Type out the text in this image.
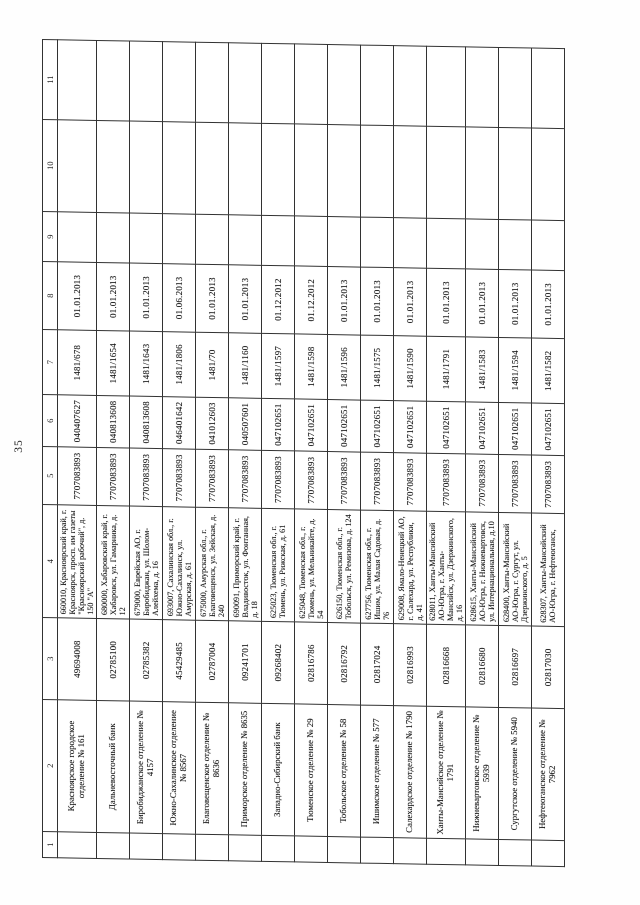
35
1	2	3	4	5	6	7	8	9	10	11
	Красноярское городское отделение № 161	49694008	660010, Красноярский край, г. Красноярск, просп. им газеты "Красноярский рабочий", д. 150 "А"	7707083893	040407627	1481/678	01.01.2013			
	Дальневосточный банк	02785100	680000, Хабаровский край, г. Хабаровск, ул. Гамарника, д. 12	7707083893	040813608	1481/1654	01.01.2013			
	Биробиджанское отделение № 4157	02785382	679000, Еврейская АО, г. Биробиджан, ул. Шолом-Алейхема, д. 16	7707083893	040813608	1481/1643	01.01.2013			
	Южно-Сахалинское отделение № 8567	45429485	693007, Сахалинская обл., г. Южно-Сахалинск, ул. Амурская, д. 61	7707083893	046401642	1481/1806	01.06.2013			
	Благовещенское отделение № 8636	02787004	675000, Амурская обл., г. Благовещенск, ул. Зейская, д. 240	7707083893	041012603	1481/70	01.01.2013			
	Приморское отделение № 8635	09241701	690091, Приморский край, г. Владивосток, ул. Фонтанная, д. 18	7707083893	040507601	1481/1160	01.01.2013			
	Западно-Сибирский банк	09268402	625023, Тюменская обл., г. Тюмень, ул. Рижская, д. 61	7707083893	047102651	1481/1597	01.12.2012			
	Тюменское отделение № 29	02816786	625048, Тюменская обл., г. Тюмень, ул. Мельникайте, д. 54	7707083893	047102651	1481/1598	01.12.2012			
	Тобольское отделение № 58	02816792	626150, Тюменская обл., г. Тобольск, ул. Ремизова, д. 124	7707083893	047102651	1481/1596	01.01.2013			
	Ишимское отделение № 577	02817024	627756, Тюменская обл., г. Ишим, ул. Малая Садовая, д. 76	7707083893	047102651	1481/1575	01.01.2013			
	Салехардское отделение № 1790	02816993	629008, Ямало-Ненецкий АО, г. Салехард, ул. Республики, д. 41	7707083893	047102651	1481/1590	01.01.2013			
	Ханты-Мансийское отделение № 1791	02816668	628011, Ханты-Мансийский АО-Югра, г. Ханты-Мансийск, ул. Дзержинского, д. 16	7707083893	047102651	1481/1791	01.01.2013			
	Нижневартовское отделение № 5939	02816680	628615, Ханты-Мансийский АО-Югра, г. Нижневартовск, ул. Интернациональная, д.10	7707083893	047102651	1481/1583	01.01.2013			
	Сургутское отделение № 5940	02816697	628400, Ханты-Мансийский АО-Югра, г. Сургут, ул. Дзержинского, д. 5	7707083893	047102651	1481/1594	01.01.2013			
	Нефтеюганское отделение № 7962	02817030	628307, Ханты-Мансийский АО-Югра, г. Нефтеюганск,	7707083893	047102651	1481/1582	01.01.2013			
